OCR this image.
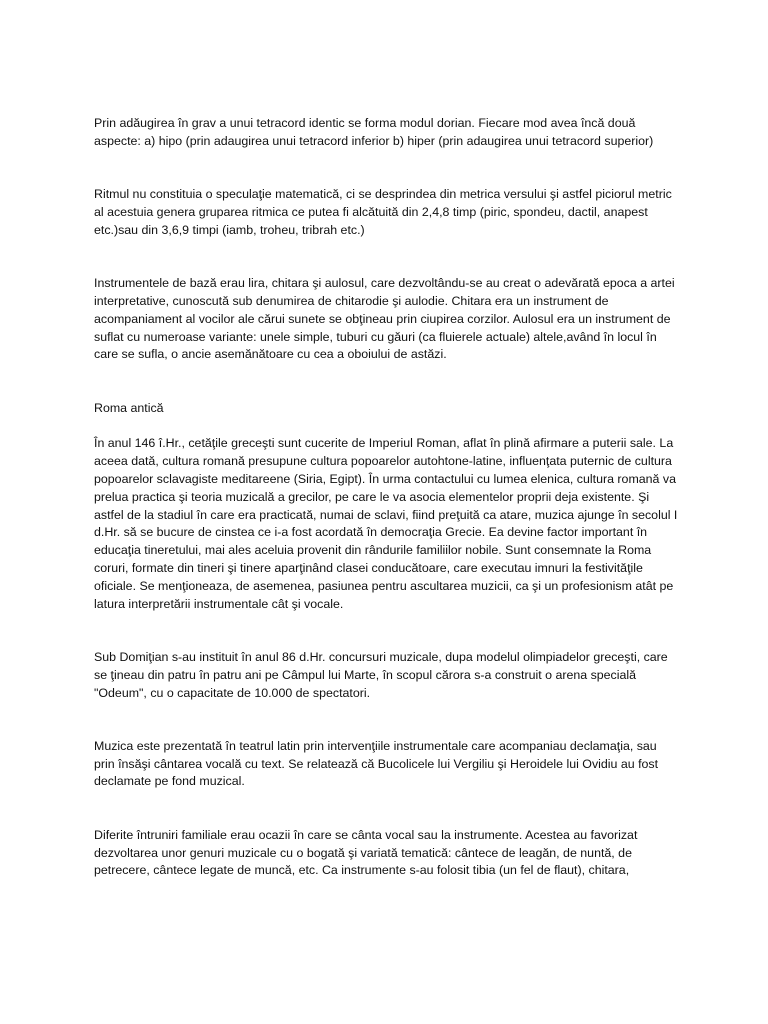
Prin adăugirea în grav a unui tetracord identic se forma modul dorian. Fiecare mod avea încă două aspecte: a) hipo (prin adaugirea unui tetracord inferior b) hiper (prin adaugirea unui tetracord superior)

Ritmul nu constituia o speculaţie matematică, ci se desprindea din metrica versului şi astfel piciorul metric al acestuia genera gruparea ritmica ce putea fi alcătuită din 2,4,8 timp (piric, spondeu, dactil, anapest etc.)sau din 3,6,9 timpi (iamb, troheu, tribrah etc.)

Instrumentele de bază erau lira, chitara şi aulosul, care dezvoltându-se au creat o adevărată epoca a artei interpretative, cunoscută sub denumirea de chitarodie şi aulodie. Chitara era un instrument de acompaniament al vocilor ale cărui sunete se obţineau prin ciupirea corzilor. Aulosul era un instrument de suflat cu numeroase variante: unele simple, tuburi cu găuri (ca fluierele actuale) altele,având în locul în care se sufla, o ancie asemănătoare cu cea a oboiului de astăzi.

Roma antică

În anul 146 î.Hr., cetăţile greceşti sunt cucerite de Imperiul Roman, aflat în plină afirmare a puterii sale. La aceea dată, cultura romană presupune cultura popoarelor autohtone-latine, influenţata puternic de cultura popoarelor sclavagiste meditareene (Siria, Egipt). În urma contactului cu lumea elenica, cultura romană va prelua practica şi teoria muzicală a grecilor, pe care le va asocia elementelor proprii deja existente. Şi astfel de la stadiul în care era practicată, numai de sclavi, fiind preţuită ca atare, muzica ajunge în secolul I d.Hr. să se bucure de cinstea ce i-a fost acordată în democraţia Grecie. Ea devine factor important în educaţia tineretului, mai ales aceluia provenit din rândurile familiilor nobile. Sunt consemnate la Roma coruri, formate din tineri şi tinere aparţinând clasei conducătoare, care executau imnuri la festivităţile oficiale. Se menţioneaza, de asemenea, pasiunea pentru ascultarea muzicii, ca şi un profesionism atât pe latura interpretării instrumentale cât şi vocale.

Sub Domiţian s-au instituit în anul 86 d.Hr. concursuri muzicale, dupa modelul olimpiadelor greceşti, care se ţineau din patru în patru ani pe Câmpul lui Marte, în scopul cărora s-a construit o arena specială "Odeum", cu o capacitate de 10.000 de spectatori.

Muzica este prezentată în teatrul latin prin intervenţiile instrumentale care acompaniau declamaţia, sau prin însăşi cântarea vocală cu text. Se relatează că Bucolicele lui Vergiliu şi Heroidele lui Ovidiu au fost declamate pe fond muzical.

Diferite întruniri familiale erau ocazii în care se cânta vocal sau la instrumente. Acestea au favorizat dezvoltarea unor genuri muzicale cu o bogată şi variată tematică: cântece de leagăn, de nuntă, de petrecere, cântece legate de muncă, etc. Ca instrumente s-au folosit tibia (un fel de flaut), chitara,
